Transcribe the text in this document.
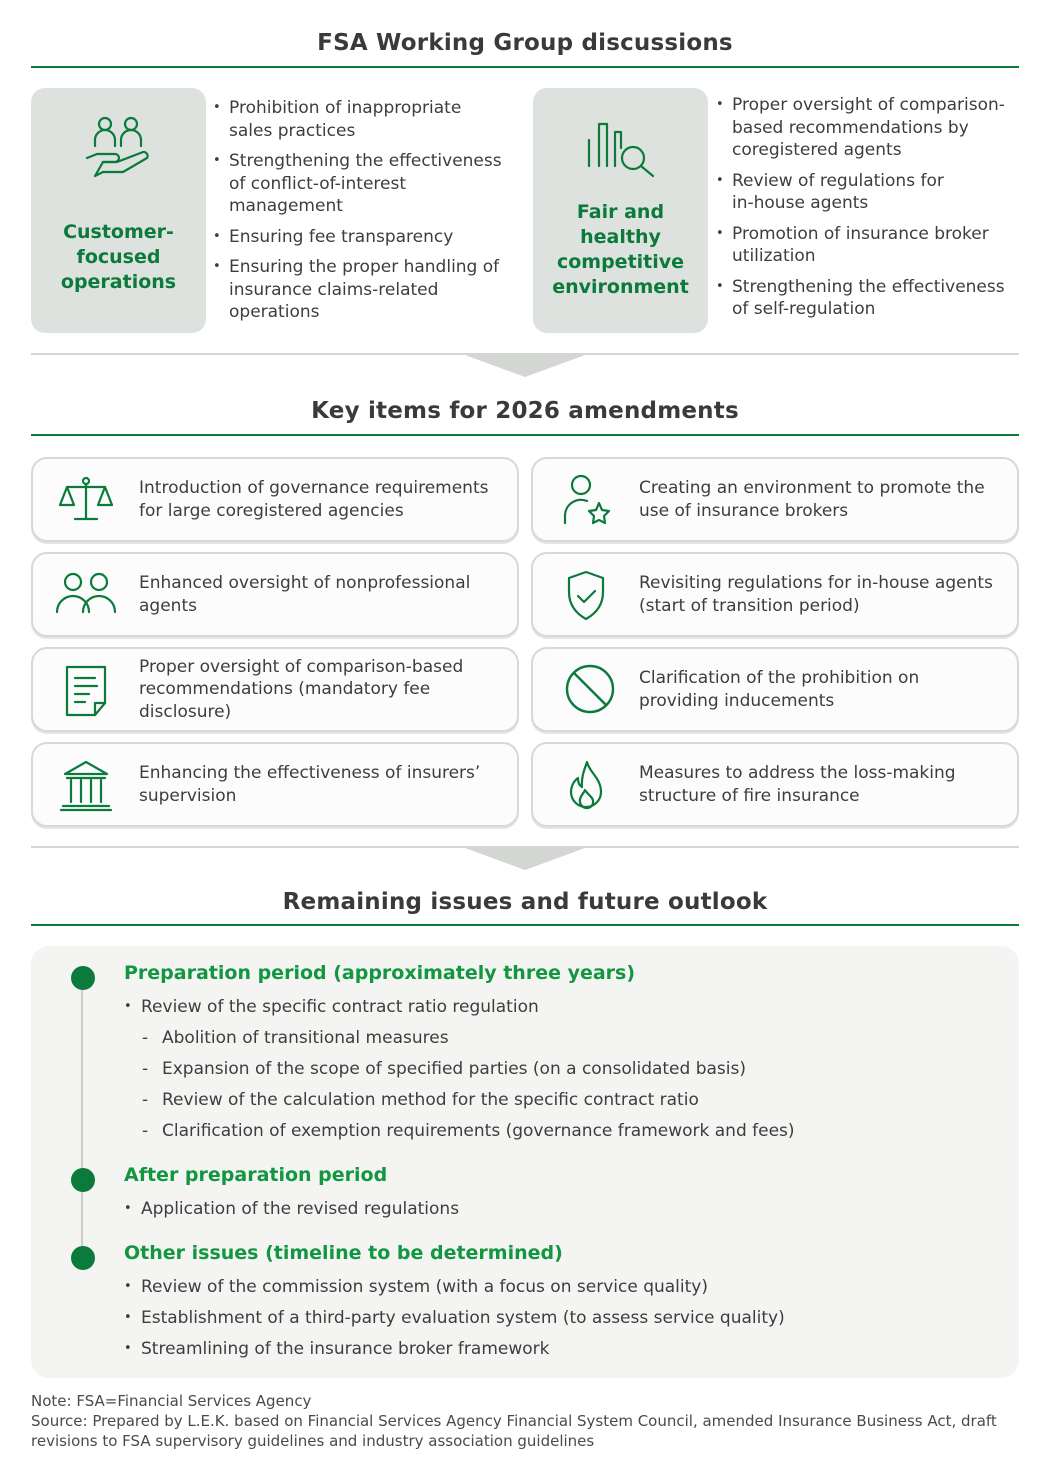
FSA Working Group discussions
Customer-
focused
operations
• Prohibition of inappropriate
sales practices
• Strengthening the effectiveness
of conflict-of-interest
management
• Ensuring fee transparency
• Ensuring the proper handling of
insurance claims-related
operations
Fair and
healthy
competitive
environment
• Proper oversight of comparison-
based recommendations by
coregistered agents
• Review of regulations for
in-house agents
• Promotion of insurance broker
utilization
• Strengthening the effectiveness
of self-regulation
Key items for 2026 amendments
Introduction of governance requirements for large coregistered agencies
Creating an environment to promote the use of insurance brokers
Enhanced oversight of nonprofessional agents
Revisiting regulations for in-house agents (start of transition period)
Proper oversight of comparison-based recommendations (mandatory fee disclosure)
Clarification of the prohibition on providing inducements
Enhancing the effectiveness of insurers’ supervision
Measures to address the loss-making structure of fire insurance
Remaining issues and future outlook
Preparation period (approximately three years)
• Review of the specific contract ratio regulation
- Abolition of transitional measures
- Expansion of the scope of specified parties (on a consolidated basis)
- Review of the calculation method for the specific contract ratio
- Clarification of exemption requirements (governance framework and fees)
After preparation period
• Application of the revised regulations
Other issues (timeline to be determined)
• Review of the commission system (with a focus on service quality)
• Establishment of a third-party evaluation system (to assess service quality)
• Streamlining of the insurance broker framework
Note: FSA=Financial Services Agency
Source: Prepared by L.E.K. based on Financial Services Agency Financial System Council, amended Insurance Business Act, draft revisions to FSA supervisory guidelines and industry association guidelines
